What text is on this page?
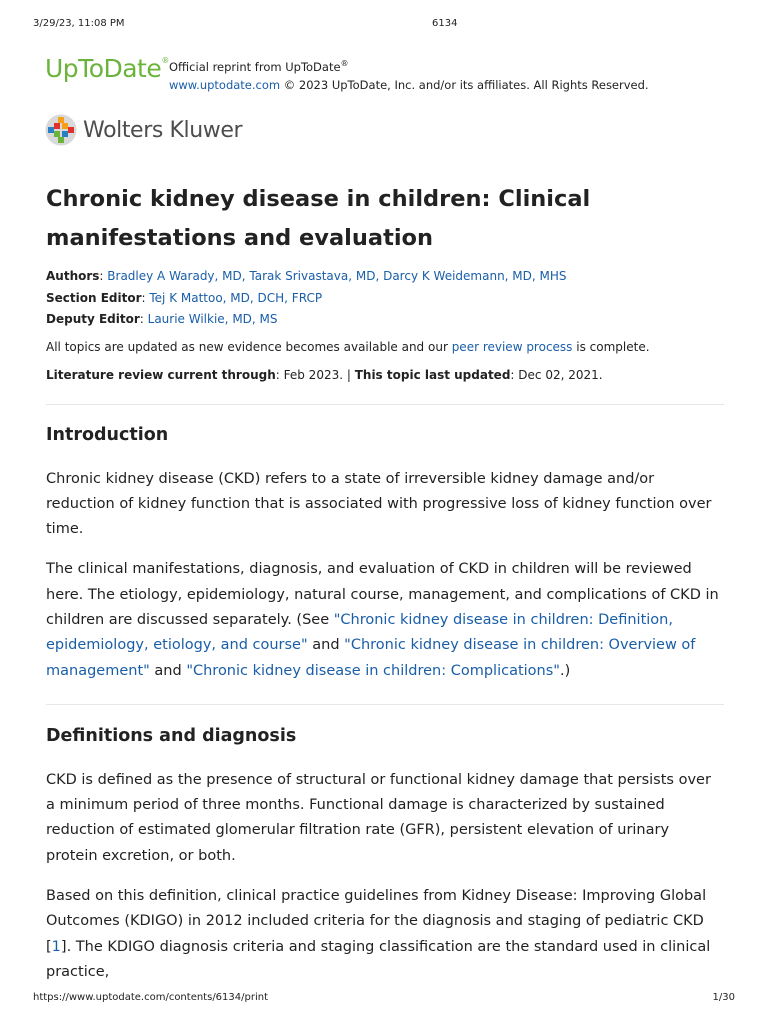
3/29/23, 11:08 PM	6134
UpToDate® Official reprint from UpToDate®
www.uptodate.com © 2023 UpToDate, Inc. and/or its affiliates. All Rights Reserved.
Wolters Kluwer
Chronic kidney disease in children: Clinical
manifestations and evaluation
Authors: Bradley A Warady, MD, Tarak Srivastava, MD, Darcy K Weidemann, MD, MHS
Section Editor: Tej K Mattoo, MD, DCH, FRCP
Deputy Editor: Laurie Wilkie, MD, MS
All topics are updated as new evidence becomes available and our peer review process is complete.
Literature review current through: Feb 2023. | This topic last updated: Dec 02, 2021.
Introduction

Chronic kidney disease (CKD) refers to a state of irreversible kidney damage and/or reduction of kidney function that is associated with progressive loss of kidney function over time.

The clinical manifestations, diagnosis, and evaluation of CKD in children will be reviewed here. The etiology, epidemiology, natural course, management, and complications of CKD in children are discussed separately. (See "Chronic kidney disease in children: Definition, epidemiology, etiology, and course" and "Chronic kidney disease in children: Overview of management" and "Chronic kidney disease in children: Complications".)

Definitions and diagnosis

CKD is defined as the presence of structural or functional kidney damage that persists over a minimum period of three months. Functional damage is characterized by sustained reduction of estimated glomerular filtration rate (GFR), persistent elevation of urinary protein excretion, or both.

Based on this definition, clinical practice guidelines from Kidney Disease: Improving Global Outcomes (KDIGO) in 2012 included criteria for the diagnosis and staging of pediatric CKD [1]. The KDIGO diagnosis criteria and staging classification are the standard used in clinical practice,

https://www.uptodate.com/contents/6134/print	1/30
